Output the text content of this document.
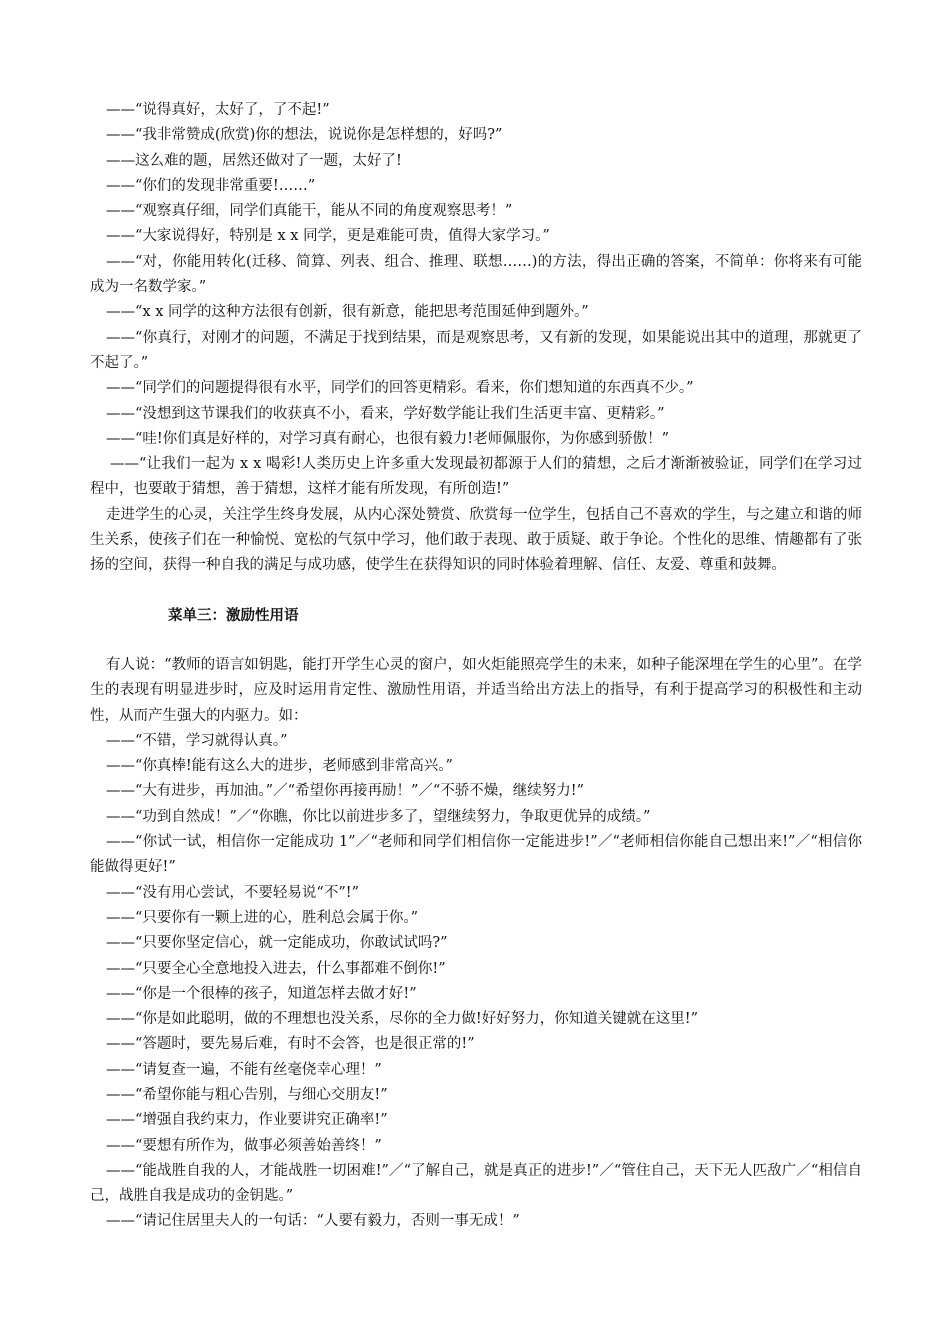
——“说得真好，太好了，了不起!”

——“我非常赞成(欣赏)你的想法，说说你是怎样想的，好吗?”

——这么难的题，居然还做对了一题，太好了!

——“你们的发现非常重要!……”

——“观察真仔细，同学们真能干，能从不同的角度观察思考！”

——“大家说得好，特别是 x x 同学，更是难能可贵，值得大家学习。”

——“对，你能用转化(迁移、简算、列表、组合、推理、联想……)的方法，得出正确的答案，不简单：你将来有可能成为一名数学家。”

——“x x 同学的这种方法很有创新，很有新意，能把思考范围延伸到题外。”

——“你真行，对刚才的问题，不满足于找到结果，而是观察思考，又有新的发现，如果能说出其中的道理，那就更了不起了。”

——“同学们的问题提得很有水平，同学们的回答更精彩。看来，你们想知道的东西真不少。”

——“没想到这节课我们的收获真不小，看来，学好数学能让我们生活更丰富、更精彩。”

——“哇!你们真是好样的，对学习真有耐心，也很有毅力!老师佩服你，为你感到骄傲！”

——“让我们一起为 x x 喝彩!人类历史上许多重大发现最初都源于人们的猜想，之后才渐渐被验证，同学们在学习过程中，也要敢于猜想，善于猜想，这样才能有所发现，有所创造!”

走进学生的心灵，关注学生终身发展，从内心深处赞赏、欣赏每一位学生，包括自己不喜欢的学生，与之建立和谐的师生关系，使孩子们在一种愉悦、宽松的气氛中学习，他们敢于表现、敢于质疑、敢于争论。个性化的思维、情趣都有了张扬的空间，获得一种自我的满足与成功感，使学生在获得知识的同时体验着理解、信任、友爱、尊重和鼓舞。

菜单三：激励性用语

有人说：“教师的语言如钥匙，能打开学生心灵的窗户，如火炬能照亮学生的未来，如种子能深埋在学生的心里”。在学生的表现有明显进步时，应及时运用肯定性、激励性用语，并适当给出方法上的指导，有利于提高学习的积极性和主动性，从而产生强大的内驱力。如：

——“不错，学习就得认真。”

——“你真棒!能有这么大的进步，老师感到非常高兴。”

——“大有进步，再加油。”／“希望你再接再励！”／“不骄不燥，继续努力!”

——“功到自然成！”／“你瞧，你比以前进步多了，望继续努力，争取更优异的成绩。”

——“你试一试，相信你一定能成功 1”／“老师和同学们相信你一定能进步!”／“老师相信你能自己想出来!”／“相信你能做得更好!”

——“没有用心尝试，不要轻易说“不”!”

——“只要你有一颗上进的心，胜利总会属于你。”

——“只要你坚定信心，就一定能成功，你敢试试吗?”

——“只要全心全意地投入进去，什么事都难不倒你!”

——“你是一个很棒的孩子，知道怎样去做才好!”

——“你是如此聪明，做的不理想也没关系，尽你的全力做!好好努力，你知道关键就在这里!”

——“答题时，要先易后难，有时不会答，也是很正常的!”

——“请复查一遍，不能有丝毫侥幸心理！”

——“希望你能与粗心告别，与细心交朋友!”

——“增强自我约束力，作业要讲究正确率!”

——“要想有所作为，做事必须善始善终！”

——“能战胜自我的人，才能战胜一切困难!”／“了解自己，就是真正的进步!”／“管住自己，天下无人匹敌广／“相信自己，战胜自我是成功的金钥匙。”

——“请记住居里夫人的一句话：“人要有毅力，否则一事无成！”
